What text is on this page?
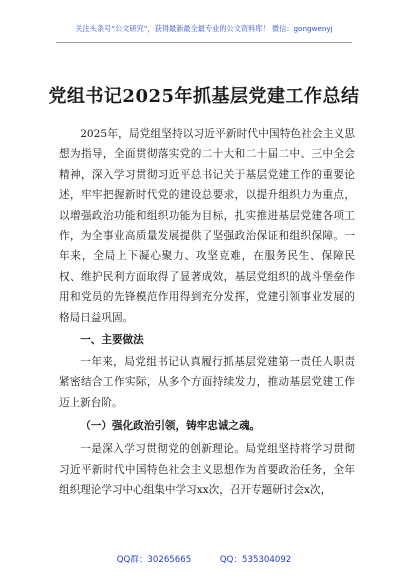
关注头条号“公文研究”，获得最新最全最专业的公文资料库！ 微信：gongwenyj
党组书记2025年抓基层党建工作总结

2025年，局党组坚持以习近平新时代中国特色社会主义思想为指导，全面贯彻落实党的二十大和二十届二中、三中全会精神，深入学习贯彻习近平总书记关于基层党建工作的重要论述，牢牢把握新时代党的建设总要求，以提升组织力为重点，以增强政治功能和组织功能为目标，扎实推进基层党建各项工作，为全事业高质量发展提供了坚强政治保证和组织保障。一年来，全局上下凝心聚力、攻坚克难，在服务民生、保障民权、维护民利方面取得了显著成效，基层党组织的战斗堡垒作用和党员的先锋模范作用得到充分发挥，党建引领事业发展的格局日益巩固。

一、主要做法

一年来，局党组书记认真履行抓基层党建第一责任人职责紧密结合工作实际，从多个方面持续发力，推动基层党建工作迈上新台阶。

（一）强化政治引领，铸牢忠诚之魂。

一是深入学习贯彻党的创新理论。局党组坚持将学习贯彻习近平新时代中国特色社会主义思想作为首要政治任务，全年组织理论学习中心组集中学习xx次，召开专题研讨会x次，

QQ群：30265665	QQ：535304092
